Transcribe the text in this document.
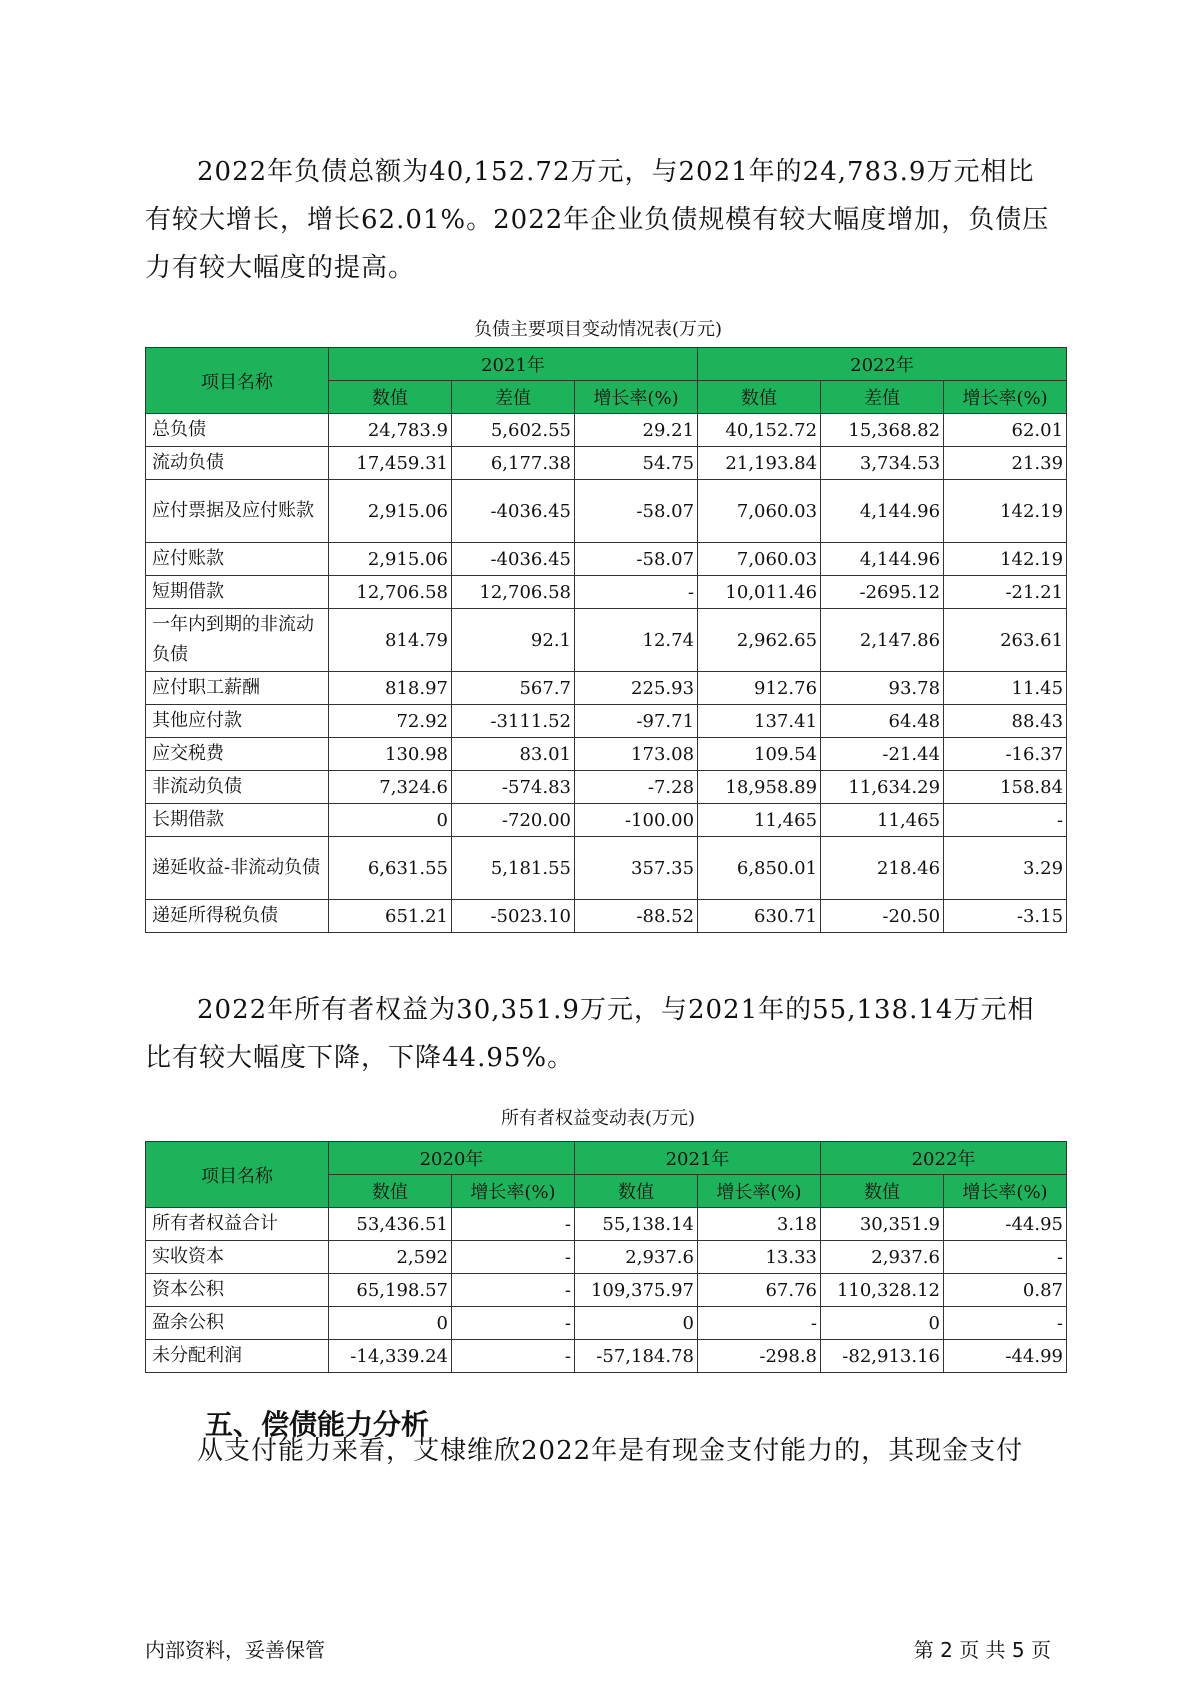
2022年负债总额为40,152.72万元，与2021年的24,783.9万元相比有较大增长，增长62.01%。2022年企业负债规模有较大幅度增加，负债压力有较大幅度的提高。

负债主要项目变动情况表(万元)
项目名称	2021年			2022年		
	数值	差值	增长率(%)	数值	差值	增长率(%)
总负债	24,783.9	5,602.55	29.21	40,152.72	15,368.82	62.01
流动负债	17,459.31	6,177.38	54.75	21,193.84	3,734.53	21.39
应付票据及应付账款	2,915.06	-4036.45	-58.07	7,060.03	4,144.96	142.19
应付账款	2,915.06	-4036.45	-58.07	7,060.03	4,144.96	142.19
短期借款	12,706.58	12,706.58	-	10,011.46	-2695.12	-21.21
一年内到期的非流动负债	814.79	92.1	12.74	2,962.65	2,147.86	263.61
应付职工薪酬	818.97	567.7	225.93	912.76	93.78	11.45
其他应付款	72.92	-3111.52	-97.71	137.41	64.48	88.43
应交税费	130.98	83.01	173.08	109.54	-21.44	-16.37
非流动负债	7,324.6	-574.83	-7.28	18,958.89	11,634.29	158.84
长期借款	0	-720.00	-100.00	11,465	11,465	-
递延收益-非流动负债	6,631.55	5,181.55	357.35	6,850.01	218.46	3.29
递延所得税负债	651.21	-5023.10	-88.52	630.71	-20.50	-3.15

2022年所有者权益为30,351.9万元，与2021年的55,138.14万元相比有较大幅度下降，下降44.95%。

所有者权益变动表(万元)
项目名称	2020年		2021年		2022年	
	数值	增长率(%)	数值	增长率(%)	数值	增长率(%)
所有者权益合计	53,436.51	-	55,138.14	3.18	30,351.9	-44.95
实收资本	2,592	-	2,937.6	13.33	2,937.6	-
资本公积	65,198.57	-	109,375.97	67.76	110,328.12	0.87
盈余公积	0	-	0	-	0	-
未分配利润	-14,339.24	-	-57,184.78	-298.8	-82,913.16	-44.99
五、偿债能力分析

从支付能力来看，艾棣维欣2022年是有现金支付能力的，其现金支付

内部资料，妥善保管	第 2 页 共 5 页
